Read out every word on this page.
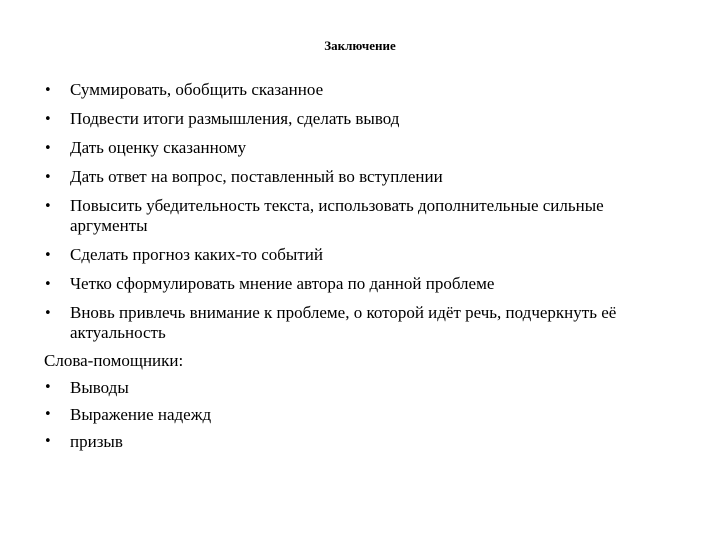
Заключение
• Суммировать, обобщить сказанное
• Подвести итоги размышления, сделать вывод
• Дать оценку сказанному
• Дать ответ на вопрос, поставленный во вступлении
• Повысить убедительность текста, использовать дополнительные сильные аргументы
• Сделать прогноз каких-то событий
• Четко сформулировать мнение автора по данной проблеме
• Вновь привлечь внимание к проблеме, о которой идёт речь, подчеркнуть её актуальность
Слова-помощники:
• Выводы
• Выражение надежд
• призыв
